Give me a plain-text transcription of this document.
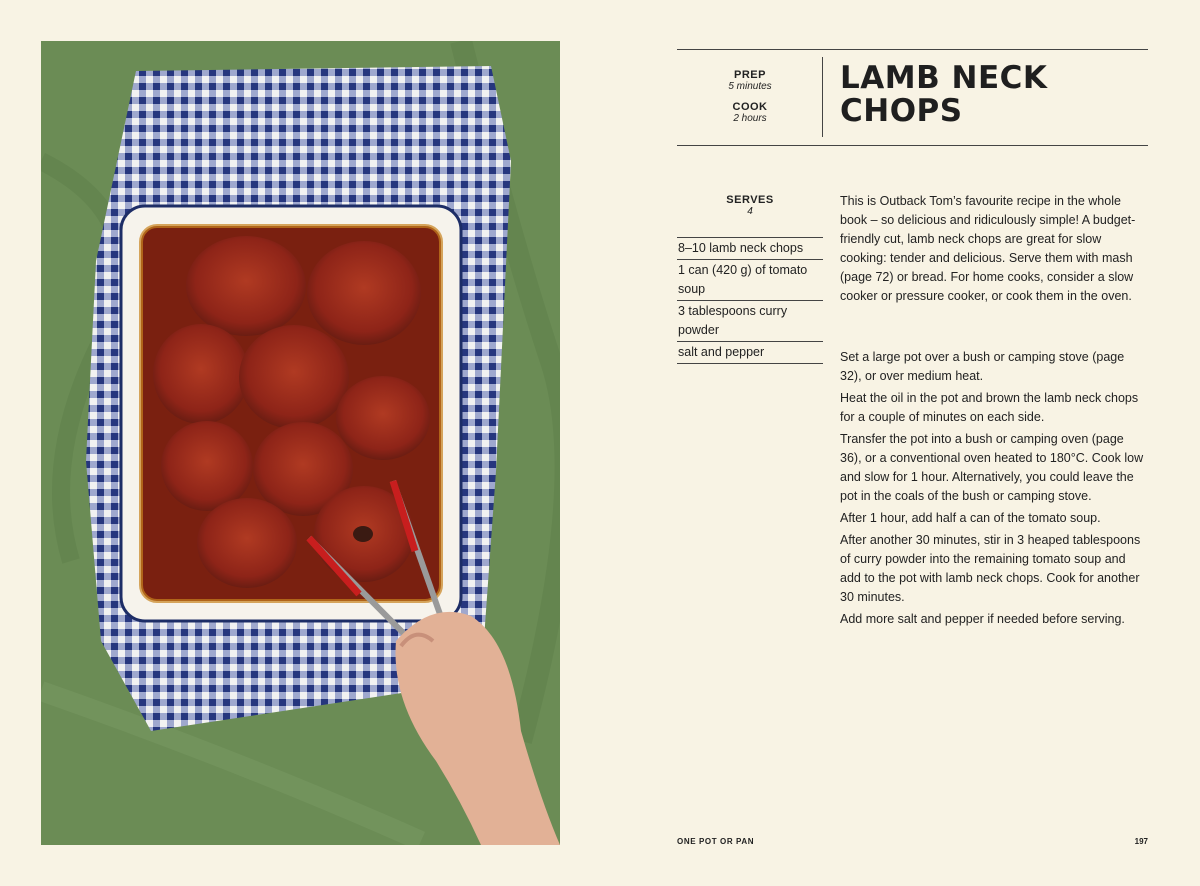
PREP
5 minutes
COOK
2 hours
LAMB NECK
CHOPS
SERVES
4
8–10 lamb neck chops
1 can (420 g) of tomato soup
3 tablespoons curry powder
salt and pepper

This is Outback Tom’s favourite recipe in the whole book – so delicious and ridiculously simple! A budget-friendly cut, lamb neck chops are great for slow cooking: tender and delicious. Serve them with mash (page 72) or bread. For home cooks, consider a slow cooker or pressure cooker, or cook them in the oven.

Set a large pot over a bush or camping stove (page 32), or over medium heat.

Heat the oil in the pot and brown the lamb neck chops for a couple of minutes on each side.

Transfer the pot into a bush or camping oven (page 36), or a conventional oven heated to 180°C. Cook low and slow for 1 hour. Alternatively, you could leave the pot in the coals of the bush or camping stove.

After 1 hour, add half a can of the tomato soup.

After another 30 minutes, stir in 3 heaped tablespoons of curry powder into the remaining tomato soup and add to the pot with lamb neck chops. Cook for another 30 minutes.

Add more salt and pepper if needed before serving.

ONE POT OR PAN	197
